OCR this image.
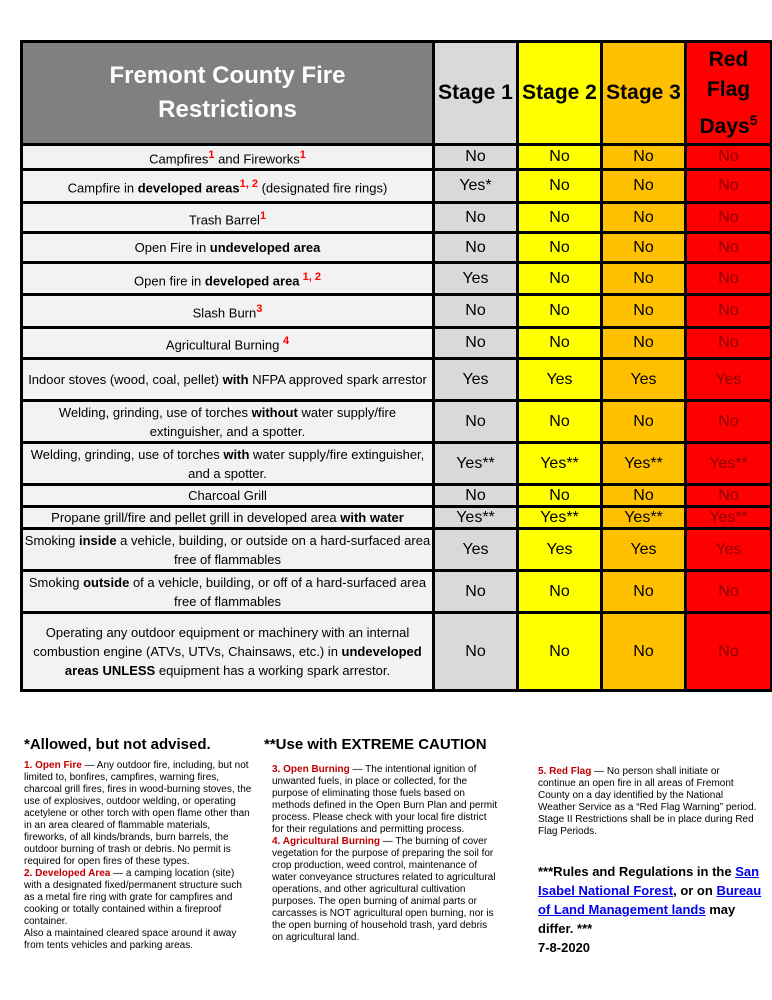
Fremont County Fire
Restrictions	Stage 1	Stage 2	Stage 3	Red
Flag
Days$^5$
Campfires$^1$ and Fireworks$^1$	No	No	No	No
Campfire in developed areas$^{1, 2}$ (designated fire rings)	Yes*	No	No	No
Trash Barrel$^1$	No	No	No	No
Open Fire in undeveloped area	No	No	No	No
Open fire in developed area $^{1, 2}$	Yes	No	No	No
Slash Burn$^3$	No	No	No	No
Agricultural Burning $^4$	No	No	No	No
Indoor stoves (wood, coal, pellet) with NFPA approved spark arrestor	Yes	Yes	Yes	Yes
Welding, grinding, use of torches without water supply/fire extinguisher, and a spotter.	No	No	No	No
Welding, grinding, use of torches with water supply/fire extinguisher, and a spotter.	Yes**	Yes**	Yes**	Yes**
Charcoal Grill	No	No	No	No
Propane grill/fire and pellet grill in developed area with water	Yes**	Yes**	Yes**	Yes**
Smoking inside a vehicle, building, or outside on a hard-surfaced area free of flammables	Yes	Yes	Yes	Yes
Smoking outside of a vehicle, building, or off of a hard-surfaced area free of flammables	No	No	No	No
Operating any outdoor equipment or machinery with an internal combustion engine (ATVs, UTVs, Chainsaws, etc.) in undeveloped areas UNLESS equipment has a working spark arrestor.	No	No	No	No
*Allowed, but not advised.	**Use with EXTREME CAUTION

1. Open Fire — Any outdoor fire, including, but not limited to, bonfires, campfires, warning fires, charcoal grill fires, fires in wood-burning stoves, the use of explosives, outdoor welding, or operating acetylene or other torch with open flame other than in an area cleared of flammable materials, fireworks, of all kinds/brands, burn barrels, the outdoor burning of trash or debris. No permit is required for open fires of these types.

2. Developed Area — a camping location (site) with a designated fixed/permanent structure such as a metal fire ring with grate for campfires and cooking or totally contained within a fireproof container.

Also a maintained cleared space around it away from tents vehicles and parking areas.

3. Open Burning — The intentional ignition of unwanted fuels, in place or collected, for the purpose of eliminating those fuels based on methods defined in the Open Burn Plan and permit process. Please check with your local fire district for their regulations and permitting process.

4. Agricultural Burning — The burning of cover vegetation for the purpose of preparing the soil for crop production, weed control, maintenance of water conveyance structures related to agricultural operations, and other agricultural cultivation purposes. The open burning of animal parts or carcasses is NOT agricultural open burning, nor is the open burning of household trash, yard debris on agricultural land.

5. Red Flag — No person shall initiate or continue an open fire in all areas of Fremont County on a day identified by the National Weather Service as a “Red Flag Warning” period. Stage II Restrictions shall be in place during Red Flag Periods.

***Rules and Regulations in the San Isabel National Forest, or on Bureau of Land Management lands may differ. ***
7-8-2020
